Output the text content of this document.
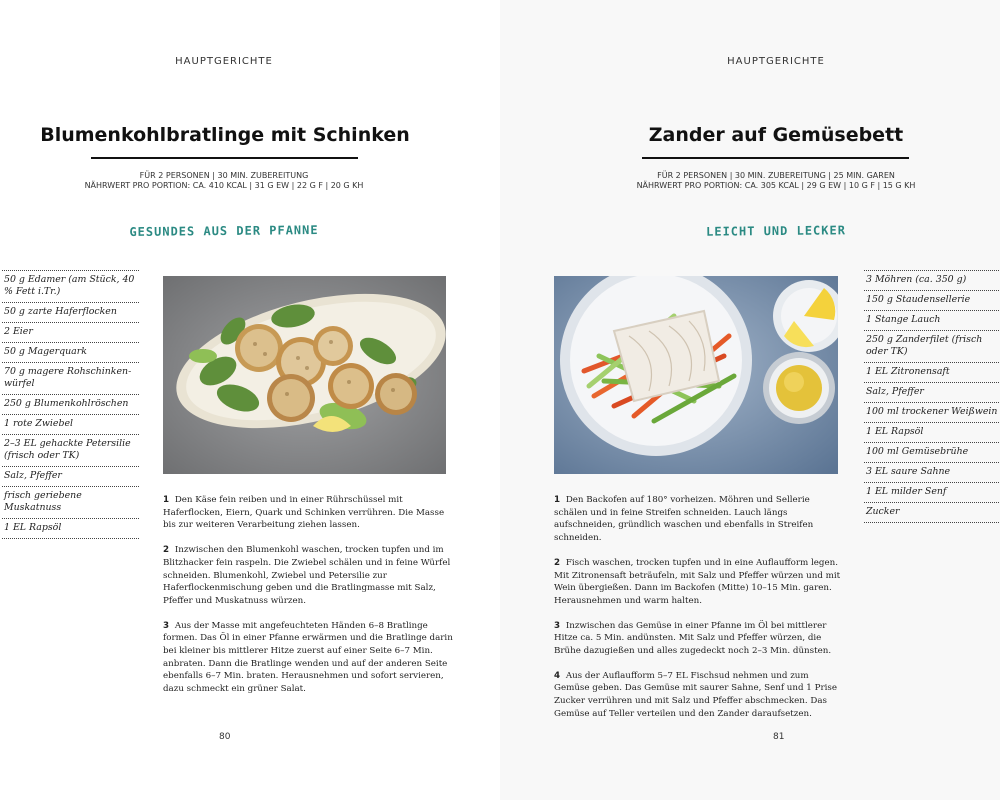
HAUPTGERICHTE
Blumenkohlbratlinge mit Schinken
FÜR 2 PERSONEN | 30 MIN. ZUBEREITUNG
NÄHRWERT PRO PORTION: CA. 410 KCAL | 31 G EW | 22 G F | 20 G KH
GESUNDES AUS DER PFANNE
50 g Edamer (am Stück, 40 % Fett i.Tr.)
50 g zarte Haferflocken
2 Eier
50 g Magerquark
70 g magere Rohschinken-würfel
250 g Blumenkohlröschen
1 rote Zwiebel
2–3 EL gehackte Petersilie (frisch oder TK)
Salz, Pfeffer
frisch geriebene Muskatnuss
1 EL Rapsöl

1 Den Käse fein reiben und in einer Rührschüssel mit Haferflocken, Eiern, Quark und Schinken verrühren. Die Masse bis zur weiteren Verarbeitung ziehen lassen.

2 Inzwischen den Blumenkohl waschen, trocken tupfen und im Blitzhacker fein raspeln. Die Zwiebel schälen und in feine Würfel schneiden. Blumenkohl, Zwiebel und Petersilie zur Haferflockenmischung geben und die Bratlingmasse mit Salz, Pfeffer und Muskatnuss würzen.

3 Aus der Masse mit angefeuchteten Händen 6–8 Bratlinge formen. Das Öl in einer Pfanne erwärmen und die Bratlinge darin bei kleiner bis mittlerer Hitze zuerst auf einer Seite 6–7 Min. anbraten. Dann die Bratlinge wenden und auf der anderen Seite ebenfalls 6–7 Min. braten. Herausnehmen und sofort servieren, dazu schmeckt ein grüner Salat.

80
HAUPTGERICHTE
Zander auf Gemüsebett
FÜR 2 PERSONEN | 30 MIN. ZUBEREITUNG | 25 MIN. GAREN
NÄHRWERT PRO PORTION: CA. 305 KCAL | 29 G EW | 10 G F | 15 G KH
LEICHT UND LECKER
3 Möhren (ca. 350 g)
150 g Staudensellerie
1 Stange Lauch
250 g Zanderfilet (frisch oder TK)
1 EL Zitronensaft
Salz, Pfeffer
100 ml trockener Weißwein
1 EL Rapsöl
100 ml Gemüsebrühe
3 EL saure Sahne
1 EL milder Senf
Zucker

1 Den Backofen auf 180° vorheizen. Möhren und Sellerie schälen und in feine Streifen schneiden. Lauch längs aufschneiden, gründlich waschen und ebenfalls in Streifen schneiden.

2 Fisch waschen, trocken tupfen und in eine Auflaufform legen. Mit Zitronensaft beträufeln, mit Salz und Pfeffer würzen und mit Wein übergießen. Dann im Backofen (Mitte) 10–15 Min. garen. Herausnehmen und warm halten.

3 Inzwischen das Gemüse in einer Pfanne im Öl bei mittlerer Hitze ca. 5 Min. andünsten. Mit Salz und Pfeffer würzen, die Brühe dazugießen und alles zugedeckt noch 2–3 Min. dünsten.

4 Aus der Auflaufform 5–7 EL Fischsud nehmen und zum Gemüse geben. Das Gemüse mit saurer Sahne, Senf und 1 Prise Zucker verrühren und mit Salz und Pfeffer abschmecken. Das Gemüse auf Teller verteilen und den Zander daraufsetzen.

81
